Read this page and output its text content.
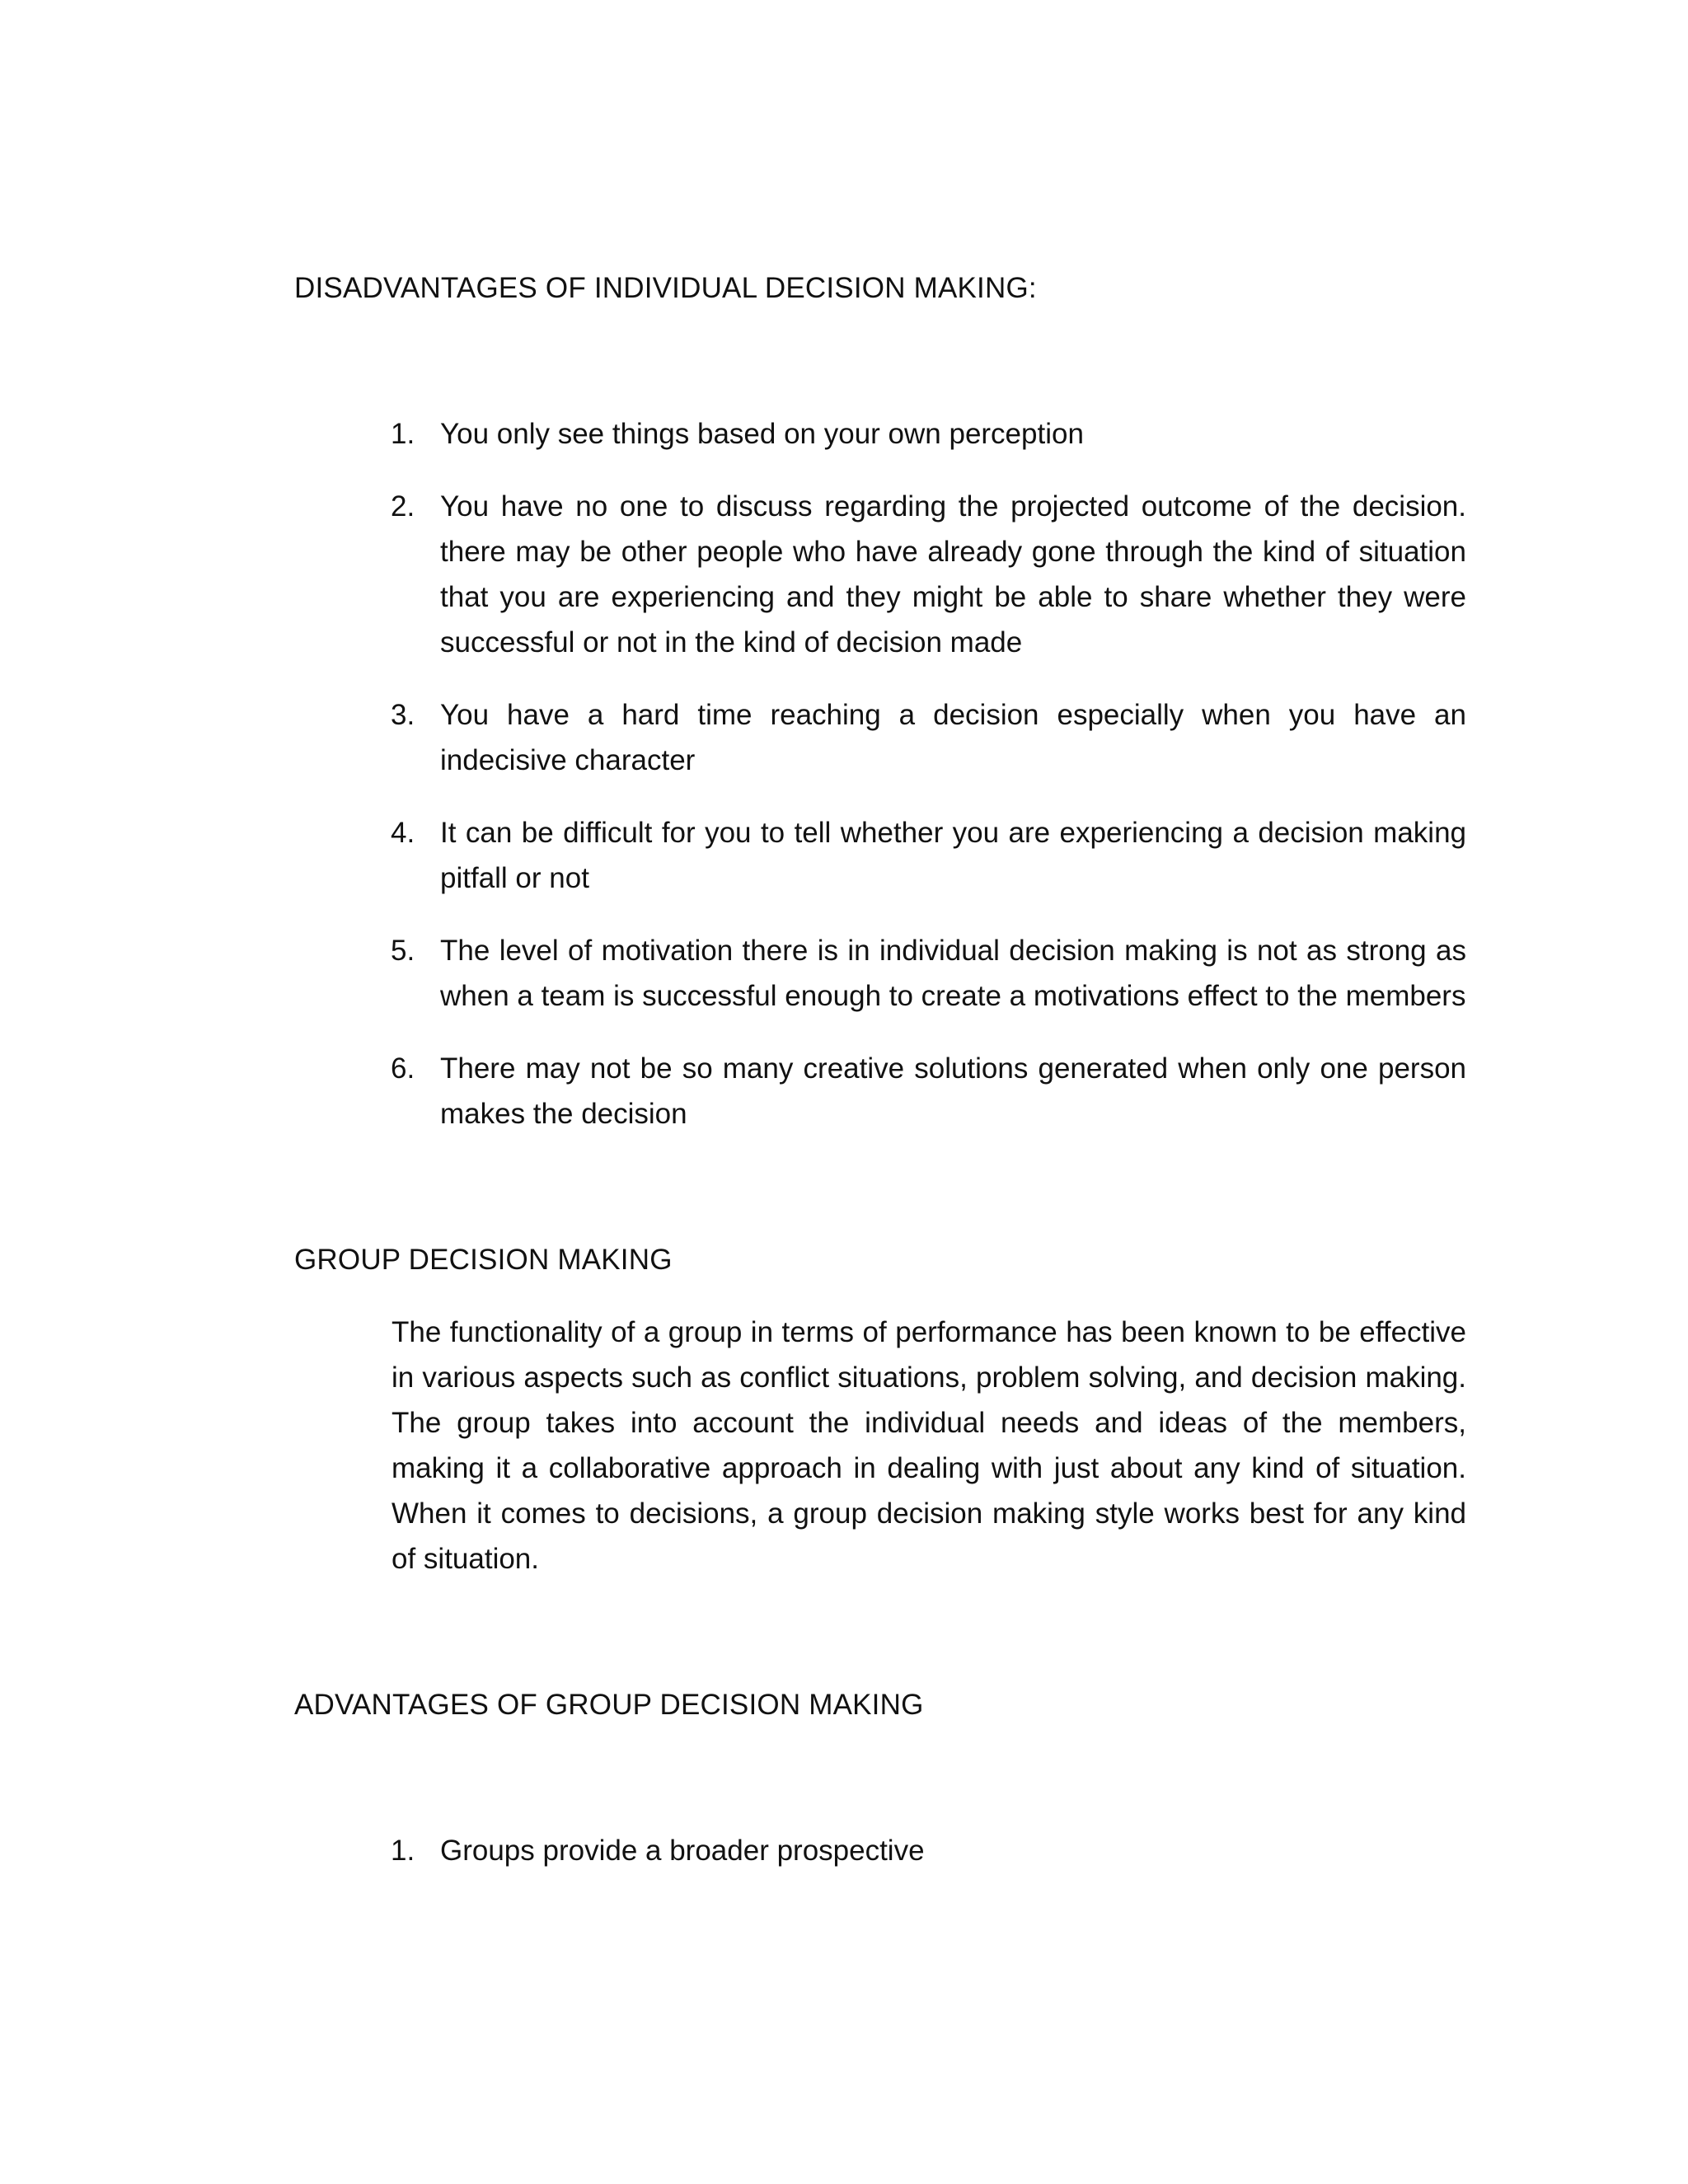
DISADVANTAGES OF INDIVIDUAL DECISION MAKING:
1. You only see things based on your own perception
2. You have no one to discuss regarding the projected outcome of the decision. there may be other people who have already gone through the kind of situation that you are experiencing and they might be able to share whether they were successful or not in the kind of decision made
3. You have a hard time reaching a decision especially when you have an indecisive character
4. It can be difficult for you to tell whether you are experiencing a decision making pitfall or not
5. The level of motivation there is in individual decision making is not as strong as when a team is successful enough to create a motivations effect to the members
6. There may not be so many creative solutions generated when only one person makes the decision
GROUP DECISION MAKING

The functionality of a group in terms of performance has been known to be effective in various aspects such as conflict situations, problem solving, and decision making. The group takes into account the individual needs and ideas of the members, making it a collaborative approach in dealing with just about any kind of situation. When it comes to decisions, a group decision making style works best for any kind of situation.

ADVANTAGES OF GROUP DECISION MAKING
1. Groups provide a broader prospective
